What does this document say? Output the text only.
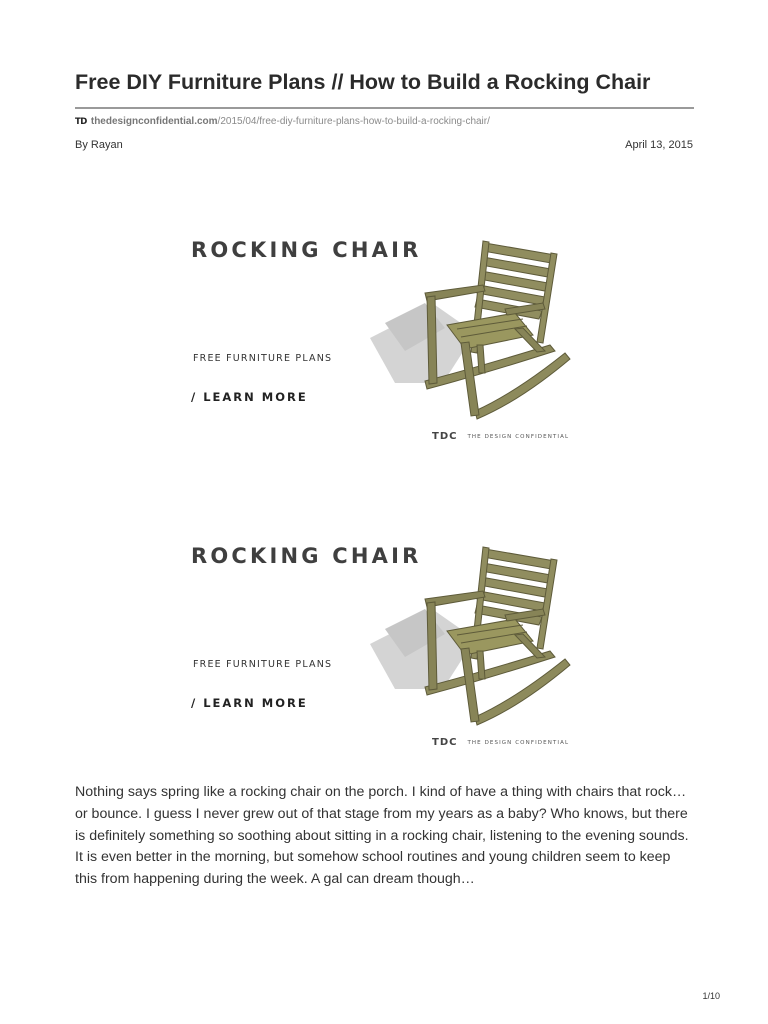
Free DIY Furniture Plans // How to Build a Rocking Chair
TD thedesignconfidential.com /2015/04/free-diy-furniture-plans-how-to-build-a-rocking-chair/
By Rayan	April 13, 2015
ROCKING CHAIR
FREE FURNITURE PLANS
/ LEARN MORE
TDC THE DESIGN CONFIDENTIAL
ROCKING CHAIR
FREE FURNITURE PLANS
/ LEARN MORE
TDC THE DESIGN CONFIDENTIAL

Nothing says spring like a rocking chair on the porch. I kind of have a thing with chairs that rock… or bounce. I guess I never grew out of that stage from my years as a baby? Who knows, but there is definitely something so soothing about sitting in a rocking chair, listening to the evening sounds. It is even better in the morning, but somehow school routines and young children seem to keep this from happening during the week. A gal can dream though…

1/10
